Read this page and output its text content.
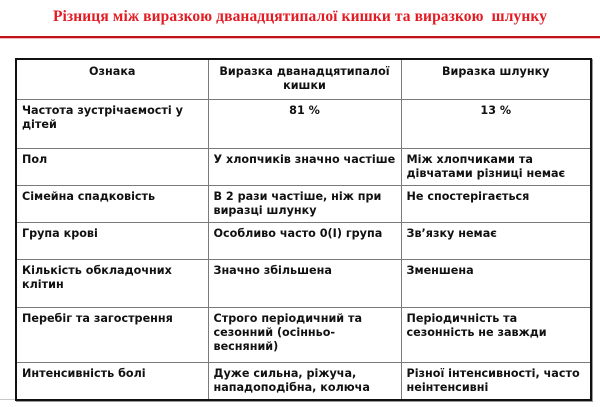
Різниця між виразкою дванадцятипалої кишки та виразкою  шлунку
Ознака	Виразка дванадцятипалої кишки	Виразка шлунку
Частота зустрічаємості у дітей	81 %	13 %
Пол	У хлопчиків значно частіше	Між хлопчиками та дівчатами різниці немає
Сімейна спадковість	В 2 рази частіше, ніж при виразці шлунку	Не спостерігається
Група крові	Особливо часто 0(I) група	Зв’язку немає
Кількість обкладочних клітин	Значно збільшена	Зменшена
Перебіг та загострення	Строго періодичний та сезонний (осінньо-весняний)	Періодичність та сезонність не завжди
Интенсивність болі	Дуже сильна, ріжуча, нападоподібна, колюча	Різної інтенсивності, часто неінтенсивні
